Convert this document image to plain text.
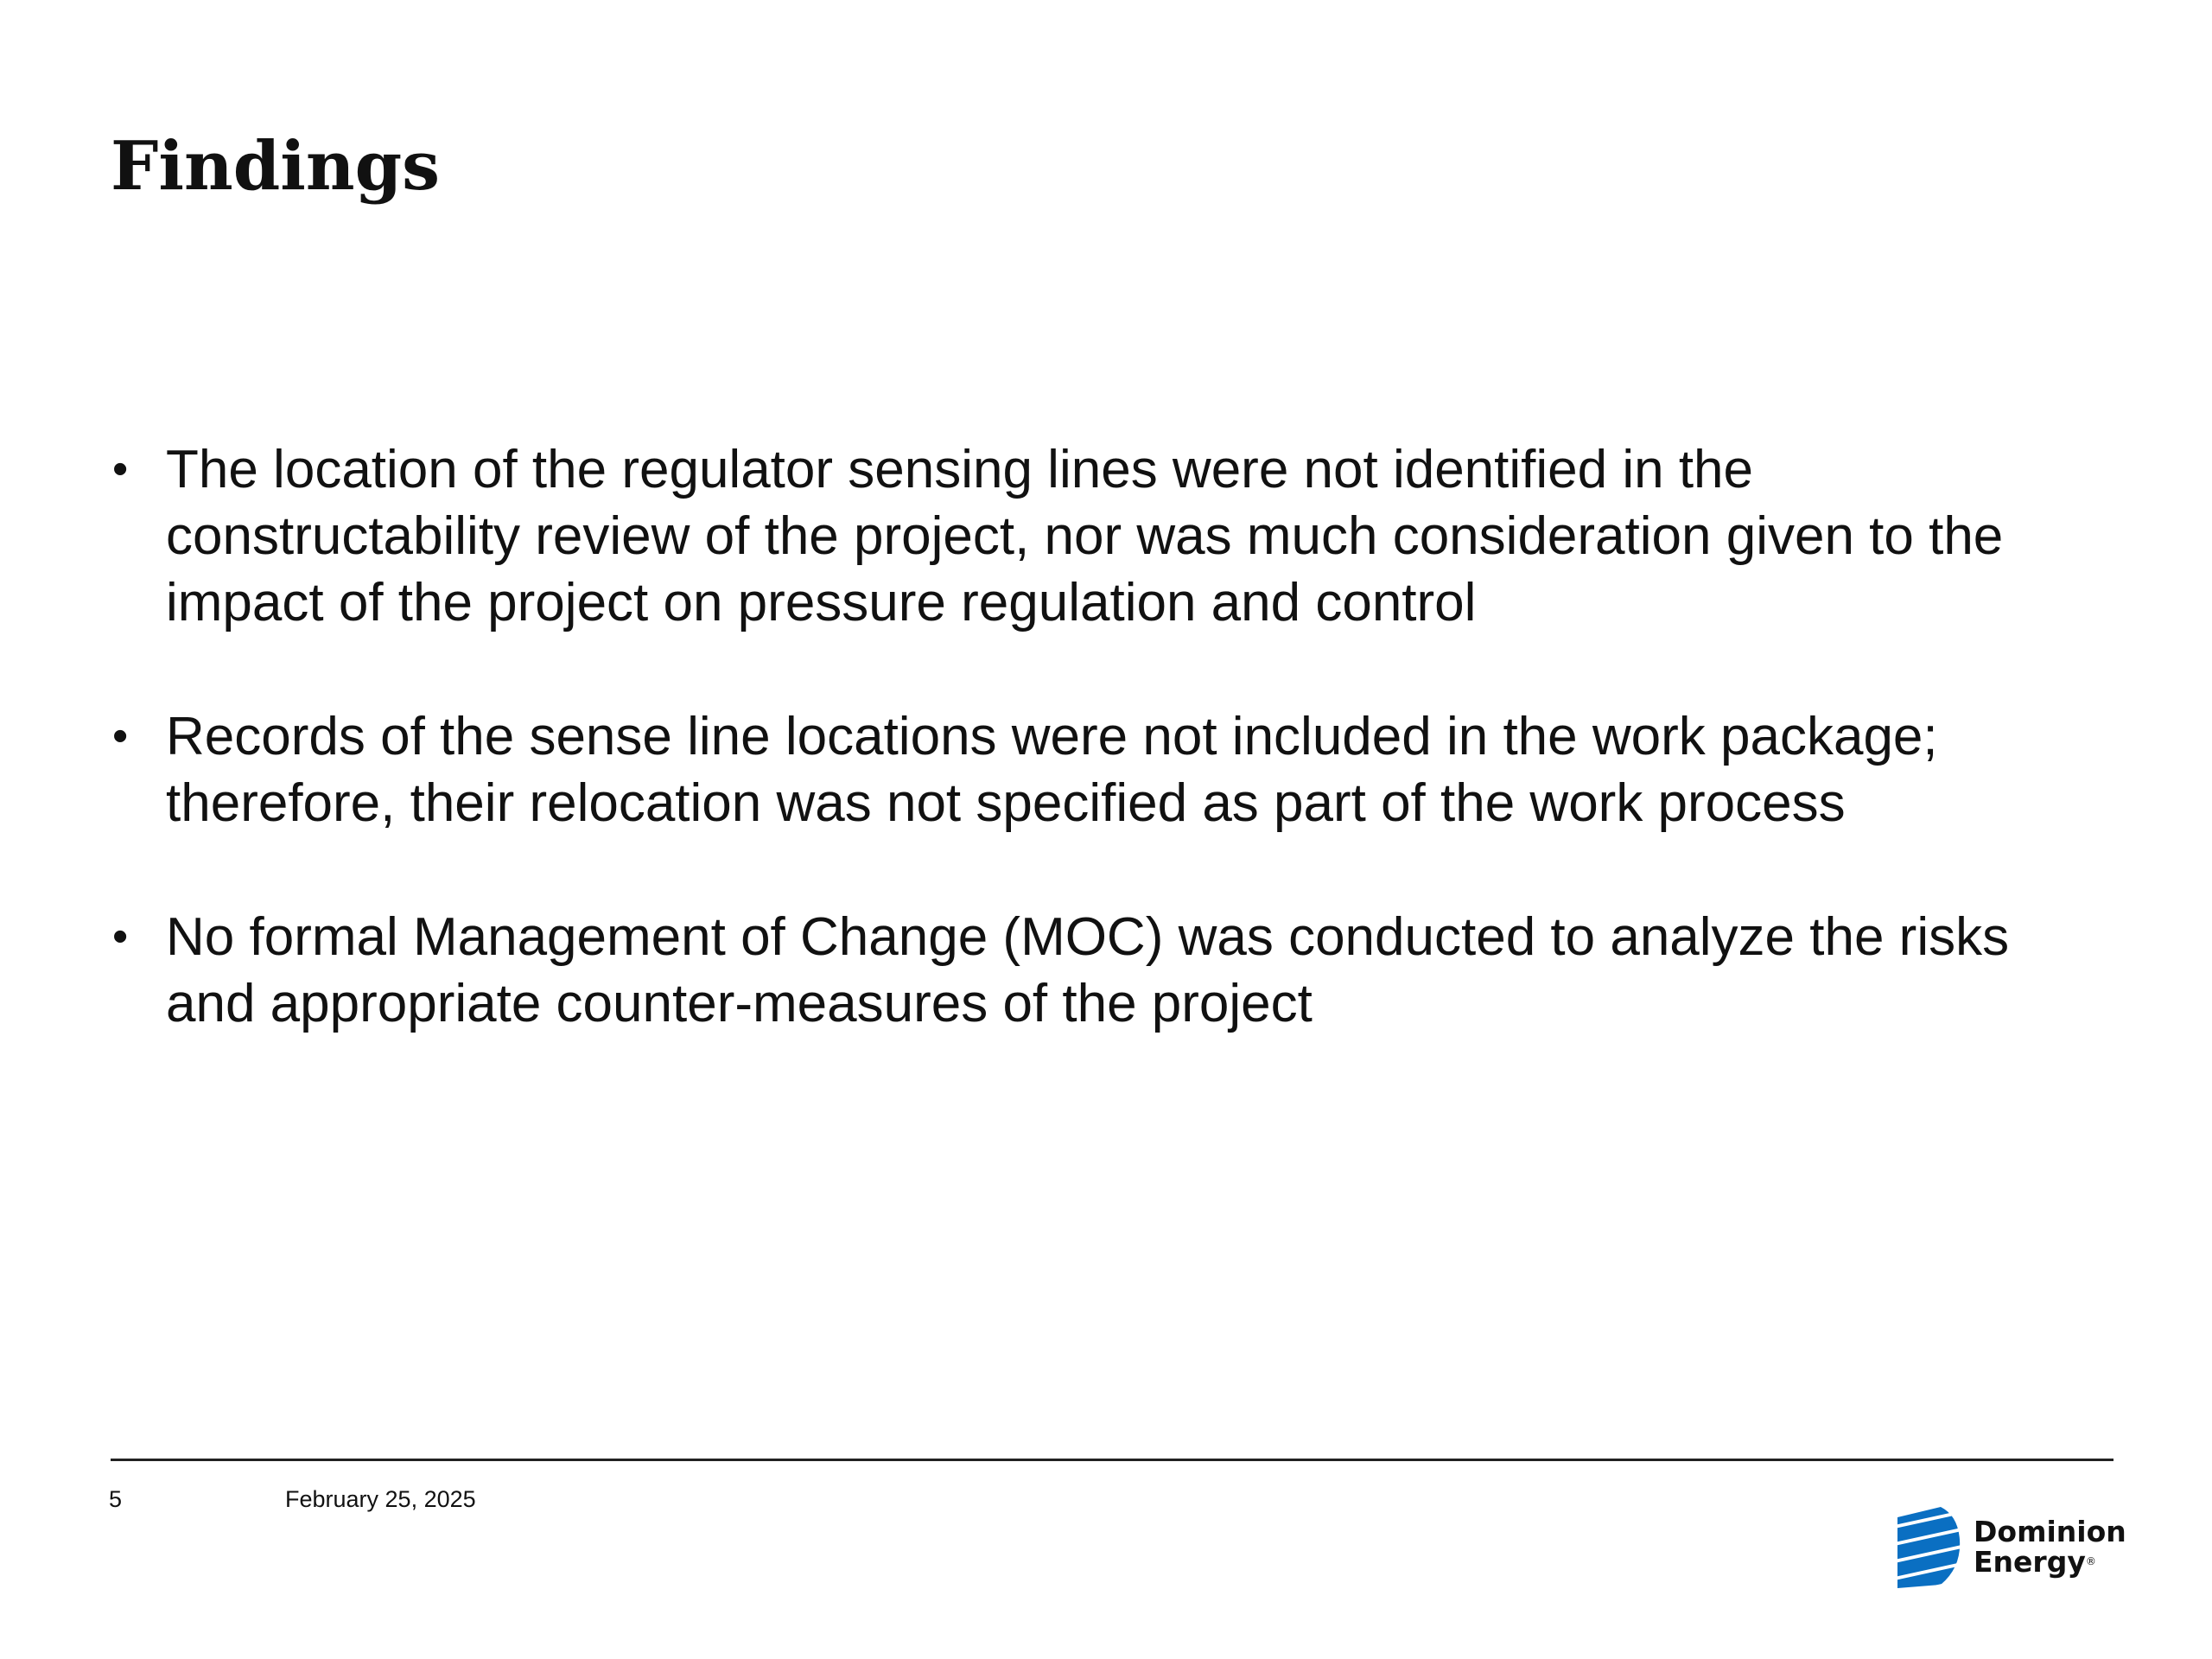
Findings
• The location of the regulator sensing lines were not identified in the constructability review of the project, nor was much consideration given to the impact of the project on pressure regulation and control
• Records of the sense line locations were not included in the work package; therefore, their relocation was not specified as part of the work process
• No formal Management of Change (MOC) was conducted to analyze the risks and appropriate counter-measures of the project
5	February 25, 2025
Dominion
Energy®
